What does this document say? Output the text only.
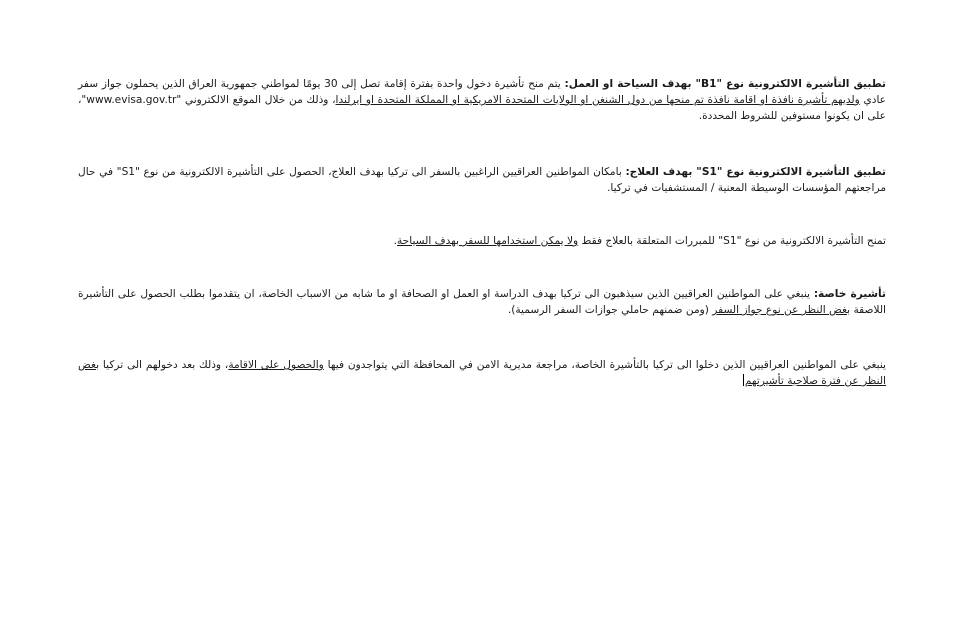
تطبيق التأشيرة الالكترونية نوع "B1" بهدف السياحة او العمل: يتم منح تأشيرة دخول واحدة بفترة إقامة تصل إلى 30 يومًا لمواطني جمهورية العراق الذين يحملون جواز سفر عادي ولديهم تأشيرة نافذة او اقامة نافذة تم منحها من دول الشنغن او الولايات المتحدة الامريكية او المملكة المتحدة او ايرلندا، وذلك من خلال الموقع الالكتروني "www.evisa.gov.tr"، على ان يكونوا مستوفين للشروط المحددة.

تطبيق التأشيرة الالكترونية نوع "S1" بهدف العلاج: بامكان المواطنين العراقيين الراغبين بالسفر الى تركيا بهدف العلاج، الحصول على التأشيرة الالكترونية من نوع "S1" في حال مراجعتهم المؤسسات الوسيطة المعنية / المستشفيات في تركيا.

تمنح التأشيرة الالكترونية من نوع "S1" للمبررات المتعلقة بالعلاج فقط ولا يمكن استخدامها للسفر بهدف السياحة.

تأشيرة خاصة: ينبغي على المواطنين العراقيين الذين سيذهبون الى تركيا بهدف الدراسة او العمل او الصحافة او ما شابه من الاسباب الخاصة، ان يتقدموا بطلب الحصول على التأشيرة اللاصقة بغض النظر عن نوع جواز السفر (ومن ضمنهم حاملي جوازات السفر الرسمية).

ينبغي على المواطنين العراقيين الذين دخلوا الى تركيا بالتأشيرة الخاصة، مراجعة مديرية الامن في المحافظة التي يتواجدون فيها والحصول على الاقامة، وذلك بعد دخولهم الى تركيا بغض النظر عن فترة صلاحية تأشيرتهم
